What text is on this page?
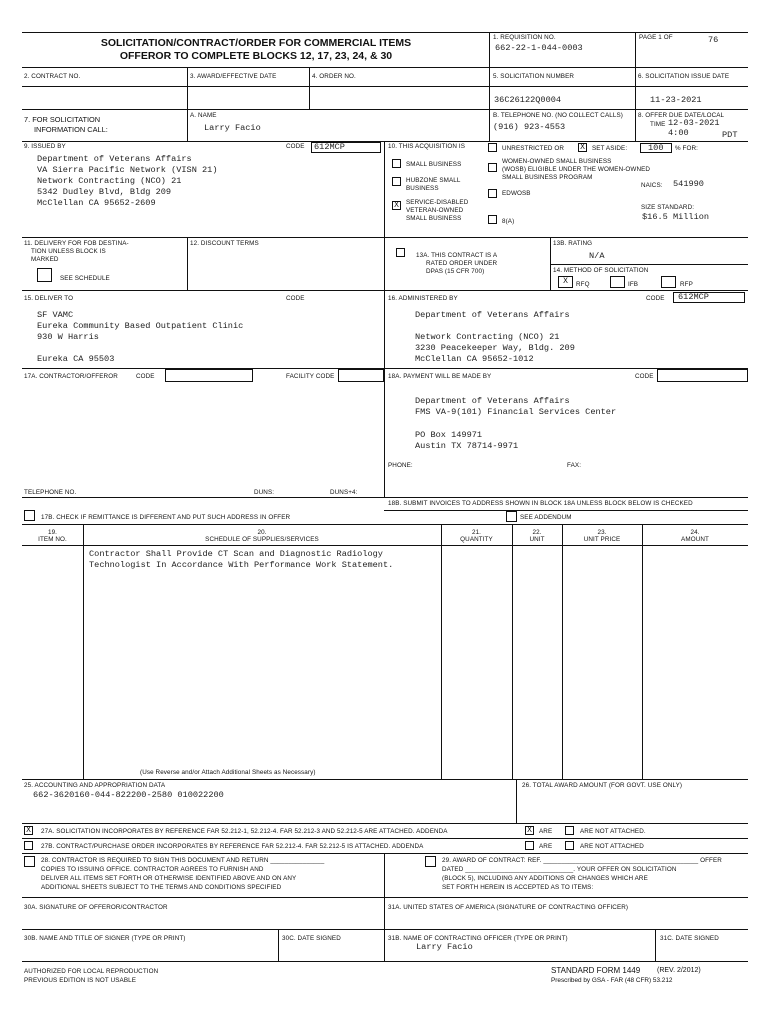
SOLICITATION/CONTRACT/ORDER FOR COMMERCIAL ITEMS
OFFEROR TO COMPLETE BLOCKS 12, 17, 23, 24, & 30
1. REQUISITION NO.
662-22-1-044-0003
PAGE 1 OF	76
2. CONTRACT NO.	3. AWARD/EFFECTIVE DATE	4. ORDER NO.	5. SOLICITATION NUMBER
36C26122Q0004
6. SOLICITATION ISSUE DATE
11-23-2021
7. FOR SOLICITATION
INFORMATION CALL:
A. NAME
Larry Facio
B. TELEPHONE NO. (NO COLLECT CALLS)
(916) 923-4553
8. OFFER DUE DATE/LOCAL
TIME 12-03-2021
4:00	PDT
9. ISSUED BY	CODE 612MCP
Department of Veterans Affairs
VA Sierra Pacific Network (VISN 21)
Network Contracting (NCO) 21
5342 Dudley Blvd, Bldg 209
McClellan CA 95652-2609
10. THIS ACQUISITION IS	UNRESTRICTED OR X	SET ASIDE: 100 % FOR:
SMALL BUSINESS
HUBZONE SMALL
BUSINESS
X	SERVICE-DISABLED
VETERAN-OWNED
SMALL BUSINESS
WOMEN-OWNED SMALL BUSINESS
(WOSB) ELIGIBLE UNDER THE WOMEN-OWNED
SMALL BUSINESS PROGRAM
EDWOSB
8(A)
NAICS: 541990
SIZE STANDARD:
$16.5 Million
11. DELIVERY FOR FOB DESTINA-
TION UNLESS BLOCK IS
MARKED
SEE SCHEDULE
12. DISCOUNT TERMS
13A. THIS CONTRACT IS A
RATED ORDER UNDER
DPAS (15 CFR 700)
13B. RATING
N/A
14. METHOD OF SOLICITATION
X	RFQ	IFB	RFP
15. DELIVER TO	CODE
SF VAMC
Eureka Community Based Outpatient Clinic
930 W Harris
Eureka CA 95503
16. ADMINISTERED BY	CODE 612MCP
Department of Veterans Affairs
Network Contracting (NCO) 21
3230 Peacekeeper Way, Bldg. 209
McClellan CA 95652-1012
17A. CONTRACTOR/OFFEROR	CODE	FACILITY CODE
TELEPHONE NO.	DUNS:	DUNS+4:
17B. CHECK IF REMITTANCE IS DIFFERENT AND PUT SUCH ADDRESS IN OFFER
18A. PAYMENT WILL BE MADE BY	CODE
Department of Veterans Affairs
FMS VA-9(101) Financial Services Center
PO Box 149971
Austin TX 78714-9971
PHONE:	FAX:
18B. SUBMIT INVOICES TO ADDRESS SHOWN IN BLOCK 18A UNLESS BLOCK BELOW IS CHECKED
SEE ADDENDUM
19.
ITEM NO.
20.
SCHEDULE OF SUPPLIES/SERVICES
21.
QUANTITY
22.
UNIT
23.
UNIT PRICE
24.
AMOUNT
Contractor Shall Provide CT Scan and Diagnostic Radiology
Technologist In Accordance With Performance Work Statement.
(Use Reverse and/or Attach Additional Sheets as Necessary)
25. ACCOUNTING AND APPROPRIATION DATA
662-3620160-044-822200-2580 010022200
26. TOTAL AWARD AMOUNT (FOR GOVT. USE ONLY)
X	27A. SOLICITATION INCORPORATES BY REFERENCE FAR 52.212-1, 52.212-4. FAR 52.212-3 AND 52.212-5 ARE ATTACHED. ADDENDA	X	ARE	ARE NOT ATTACHED.
27B. CONTRACT/PURCHASE ORDER INCORPORATES BY REFERENCE FAR 52.212-4. FAR 52.212-5 IS ATTACHED. ADDENDA	ARE	ARE NOT ATTACHED
28. CONTRACTOR IS REQUIRED TO SIGN THIS DOCUMENT AND RETURN _______________
COPIES TO ISSUING OFFICE. CONTRACTOR AGREES TO FURNISH AND
DELIVER ALL ITEMS SET FORTH OR OTHERWISE IDENTIFIED ABOVE AND ON ANY
ADDITIONAL SHEETS SUBJECT TO THE TERMS AND CONDITIONS SPECIFIED
29. AWARD OF CONTRACT: REF. ___________________________________________ OFFER
DATED ______________________________. YOUR OFFER ON SOLICITATION
(BLOCK 5), INCLUDING ANY ADDITIONS OR CHANGES WHICH ARE
SET FORTH HEREIN IS ACCEPTED AS TO ITEMS:
30A. SIGNATURE OF OFFEROR/CONTRACTOR	31A. UNITED STATES OF AMERICA (SIGNATURE OF CONTRACTING OFFICER)
30B. NAME AND TITLE OF SIGNER (TYPE OR PRINT)	30C. DATE SIGNED	31B. NAME OF CONTRACTING OFFICER (TYPE OR PRINT)
Larry Facio
31C. DATE SIGNED
AUTHORIZED FOR LOCAL REPRODUCTION
PREVIOUS EDITION IS NOT USABLE
STANDARD FORM 1449 (REV. 2/2012)
Prescribed by GSA - FAR (48 CFR) 53.212
